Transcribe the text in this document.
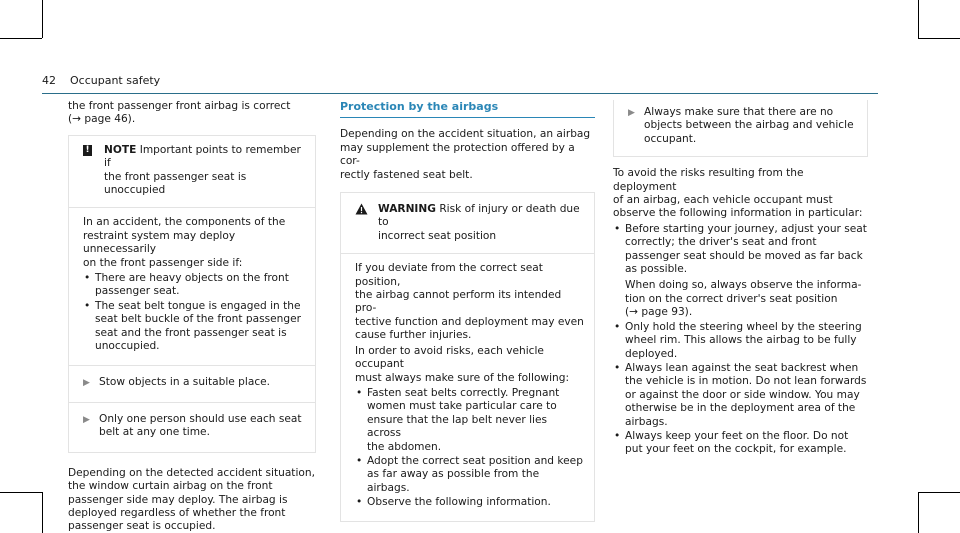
42 Occupant safety

the front passenger front airbag is correct
(→ page 46).

!	NOTE Important points to remember if
the front passenger seat is unoccupied

In an accident, the components of the
restraint system may deploy unnecessarily
on the front passenger side if:

• There are heavy objects on the front
passenger seat.
• The seat belt tongue is engaged in the
seat belt buckle of the front passenger
seat and the front passenger seat is
unoccupied.
▶ Stow objects in a suitable place.
▶ Only one person should use each seat
belt at any one time.

Depending on the detected accident situation,
the window curtain airbag on the front
passenger side may deploy. The airbag is
deployed regardless of whether the front
passenger seat is occupied.

Protection by the airbags

Depending on the accident situation, an airbag
may supplement the protection offered by a cor-
rectly fastened seat belt.

WARNING Risk of injury or death due to
incorrect seat position

If you deviate from the correct seat position,
the airbag cannot perform its intended pro-
tective function and deployment may even
cause further injuries.

In order to avoid risks, each vehicle occupant
must always make sure of the following:

• Fasten seat belts correctly. Pregnant
women must take particular care to
ensure that the lap belt never lies across
the abdomen.
• Adopt the correct seat position and keep
as far away as possible from the airbags.
• Observe the following information.
▶ Always make sure that there are no
objects between the airbag and vehicle
occupant.

To avoid the risks resulting from the deployment
of an airbag, each vehicle occupant must
observe the following information in particular:

• Before starting your journey, adjust your seat
correctly; the driver's seat and front
passenger seat should be moved as far back
as possible.
When doing so, always observe the informa-
tion on the correct driver's seat position
(→ page 93).
• Only hold the steering wheel by the steering
wheel rim. This allows the airbag to be fully
deployed.
• Always lean against the seat backrest when
the vehicle is in motion. Do not lean forwards
or against the door or side window. You may
otherwise be in the deployment area of the
airbags.
• Always keep your feet on the floor. Do not
put your feet on the cockpit, for example.
